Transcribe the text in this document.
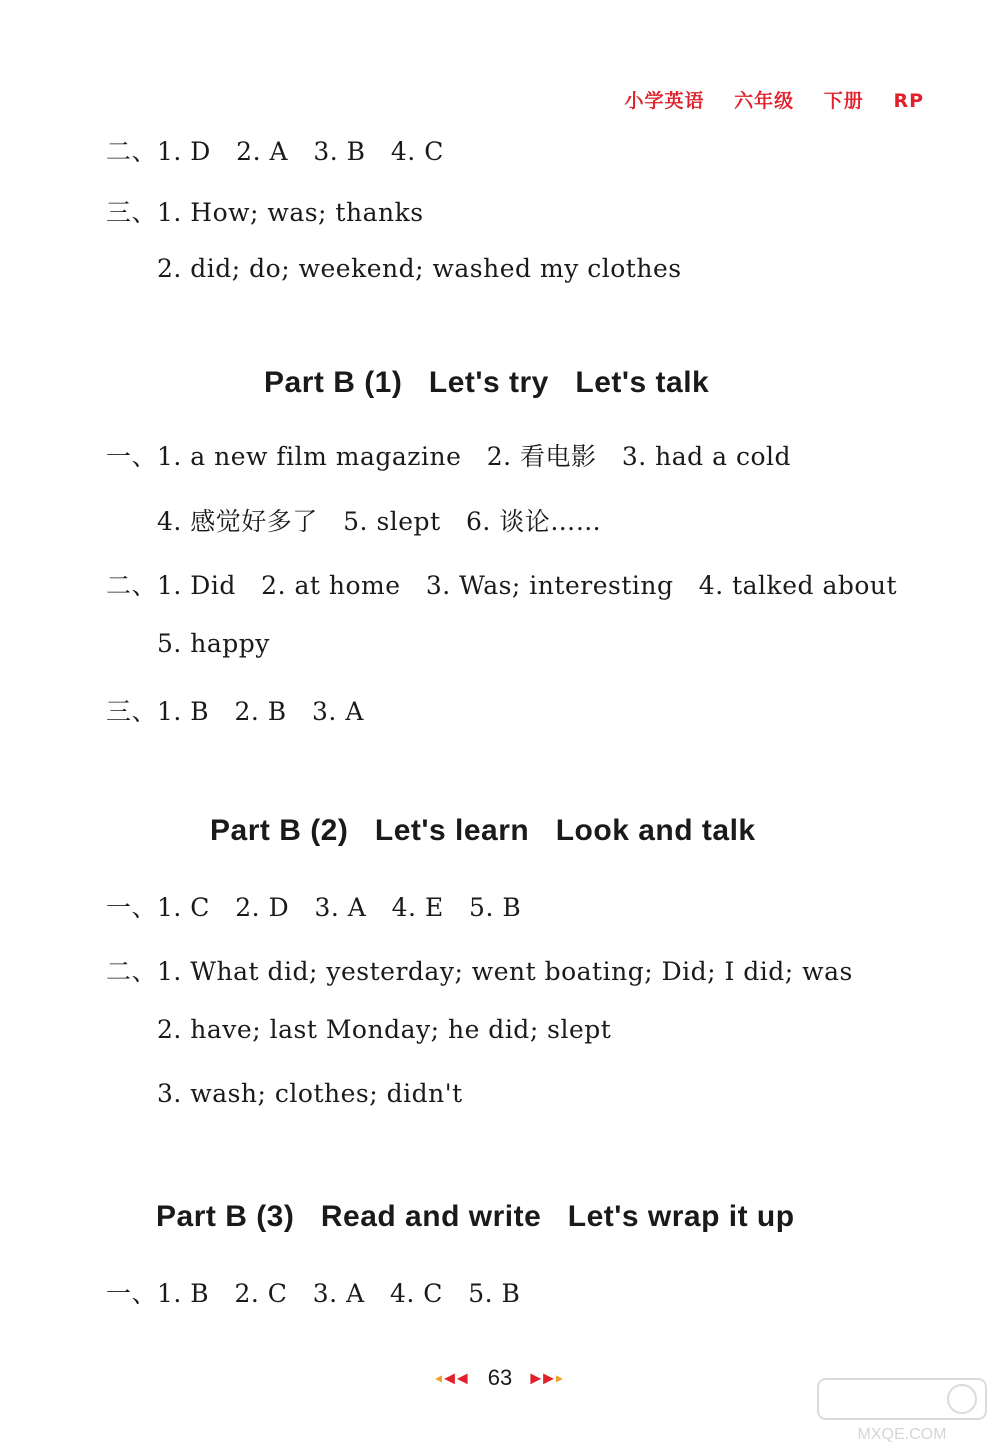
小学英语 六年级 下册 RP
二、1. D   2. A   3. B   4. C
三、1. How; was; thanks
2. did; do; weekend; washed my clothes
Part B (1)   Let's try   Let's talk
一、1. a new film magazine   2. 看电影   3. had a cold
4. 感觉好多了   5. slept   6. 谈论……
二、1. Did   2. at home   3. Was; interesting   4. talked about
5. happy
三、1. B   2. B   3. A
Part B (2)   Let's learn   Look and talk
一、1. C   2. D   3. A   4. E   5. B
二、1. What did; yesterday; went boating; Did; I did; was
2. have; last Monday; he did; slept
3. wash; clothes; didn't
Part B (3)   Read and write   Let's wrap it up
一、1. B   2. C   3. A   4. C   5. B
◂◀◀ 63 ▶▶▸
MXQE.COM
